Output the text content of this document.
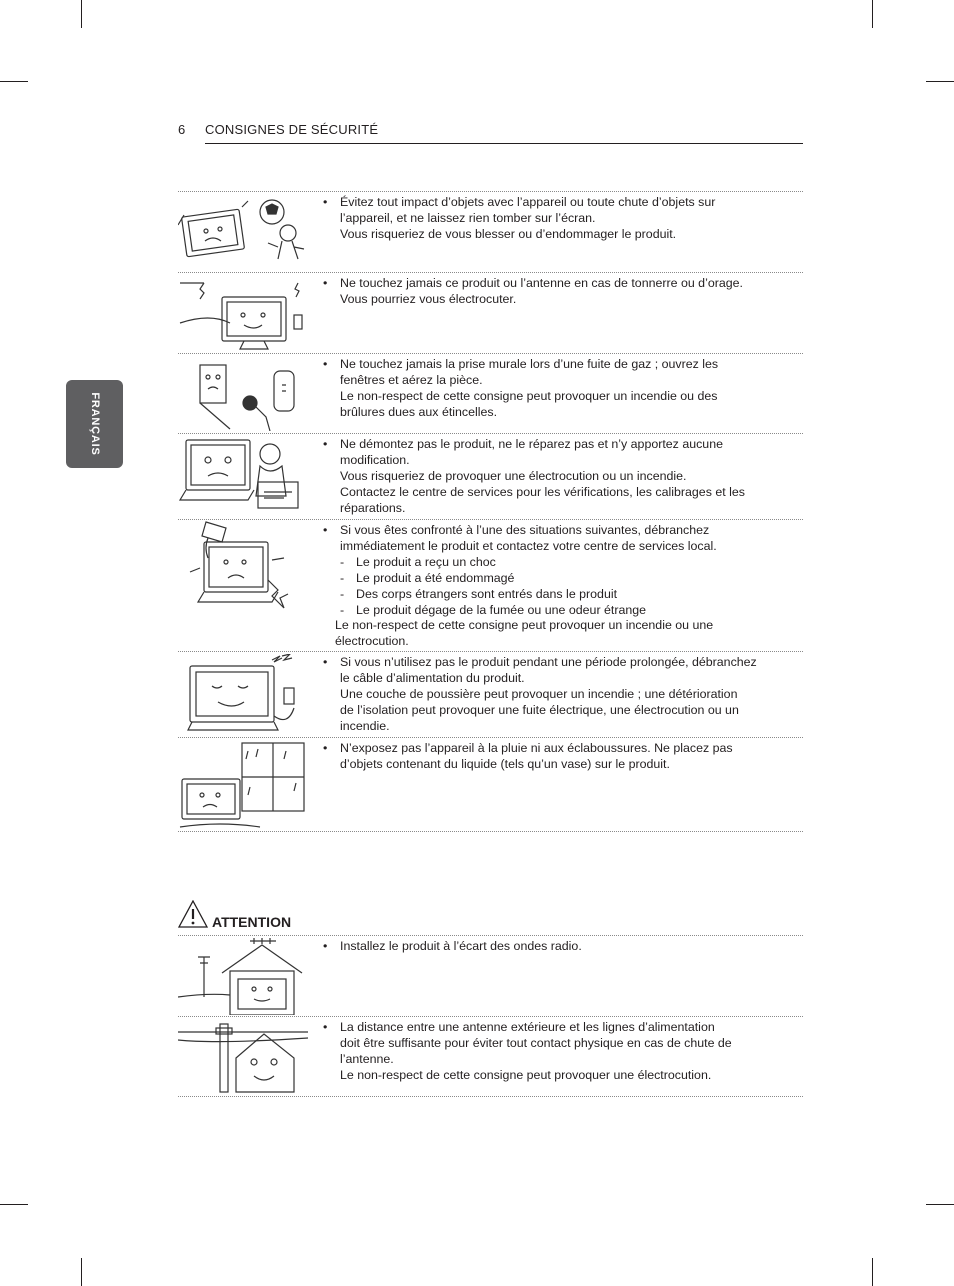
6 CONSIGNES DE SÉCURITÉ
FRANÇAIS
• Évitez tout impact d’objets avec l’appareil ou toute chute d’objets sur
l’appareil, et ne laissez rien tomber sur l’écran.
Vous risqueriez de vous blesser ou d’endommager le produit.
• Ne touchez jamais ce produit ou l’antenne en cas de tonnerre ou d’orage.
Vous pourriez vous électrocuter.
• Ne touchez jamais la prise murale lors d’une fuite de gaz ; ouvrez les
fenêtres et aérez la pièce.
Le non-respect de cette consigne peut provoquer un incendie ou des
brûlures dues aux étincelles.
• Ne démontez pas le produit, ne le réparez pas et n’y apportez aucune
modification.
Vous risqueriez de provoquer une électrocution ou un incendie.
Contactez le centre de services pour les vérifications, les calibrages et les
réparations.
• Si vous êtes confronté à l’une des situations suivantes, débranchez
immédiatement le produit et contactez votre centre de services local.
- Le produit a reçu un choc
- Le produit a été endommagé
- Des corps étrangers sont entrés dans le produit
- Le produit dégage de la fumée ou une odeur étrange
Le non-respect de cette consigne peut provoquer un incendie ou une
électrocution.
• Si vous n’utilisez pas le produit pendant une période prolongée, débranchez
le câble d’alimentation du produit.
Une couche de poussière peut provoquer un incendie ; une détérioration
de l’isolation peut provoquer une fuite électrique, une électrocution ou un
incendie.
• N’exposez pas l’appareil à la pluie ni aux éclaboussures. Ne placez pas
d’objets contenant du liquide (tels qu’un vase) sur le produit.
ATTENTION
• Installez le produit à l’écart des ondes radio.
• La distance entre une antenne extérieure et les lignes d’alimentation
doit être suffisante pour éviter tout contact physique en cas de chute de
l’antenne.
Le non-respect de cette consigne peut provoquer une électrocution.
